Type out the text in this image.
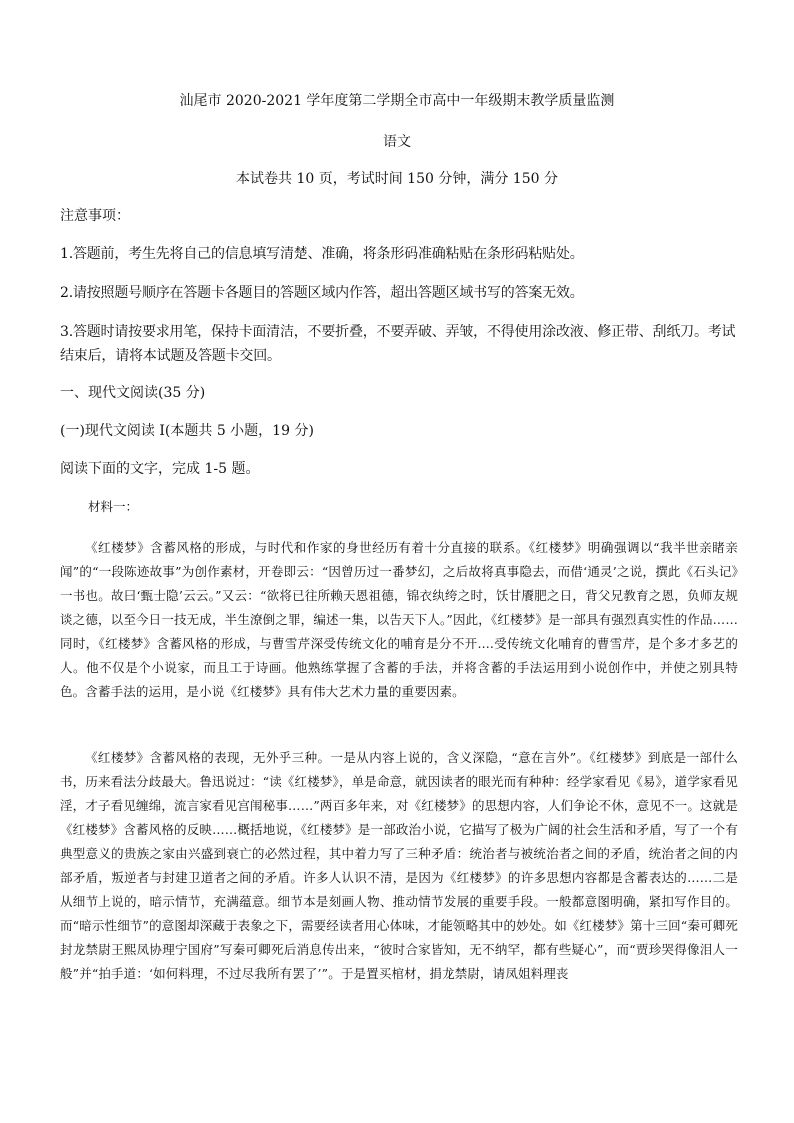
汕尾市 2020-2021 学年度第二学期全市高中一年级期末教学质量监测
语文
本试卷共 10 页，考试时间 150 分钟，满分 150 分
注意事项：
1.答题前，考生先将自己的信息填写清楚、准确，将条形码准确粘贴在条形码粘贴处。
2.请按照题号顺序在答题卡各题目的答题区域内作答，超出答题区域书写的答案无效。
3.答题时请按要求用笔，保持卡面清洁，不要折叠，不要弄破、弄皱，不得使用涂改液、修正带、刮纸刀。考试结束后，请将本试题及答题卡交回。
一、现代文阅读(35 分)
(一)现代文阅读 I(本题共 5 小题，19 分)
阅读下面的文字，完成 1-5 题。
材料一：
《红楼梦》含蓄风格的形成，与时代和作家的身世经历有着十分直接的联系。《红楼梦》明确强调以“我半世亲睹亲闻”的“一段陈迹故事”为创作素材，开卷即云：“因曾历过一番梦幻，之后故将真事隐去，而借‘通灵’之说，撰此《石头记》一书也。故曰‘甄士隐’云云。”又云：“欲将已往所赖天恩祖德，锦衣纨绔之时，饫甘餍肥之日，背父兄教育之恩，负师友规谈之德，以至今日一技无成，半生潦倒之罪，编述一集，以告天下人。”因此，《红楼梦》是一部具有强烈真实性的作品……同时，《红楼梦》含蓄风格的形成，与曹雪芹深受传统文化的哺育是分不开....受传统文化哺育的曹雪芹，是个多才多艺的人。他不仅是个小说家，而且工于诗画。他熟练掌握了含蓄的手法，并将含蓄的手法运用到小说创作中，并使之别具特色。含蓄手法的运用，是小说《红楼梦》具有伟大艺术力量的重要因素。
《红楼梦》含蓄风格的表现，无外乎三种。一是从内容上说的，含义深隐，“意在言外”。《红楼梦》到底是一部什么书，历来看法分歧最大。鲁迅说过：“读《红楼梦》，单是命意，就因读者的眼光而有种种：经学家看见《易》，道学家看见淫，才子看见缠绵，流言家看见宫闱秘事……”两百多年来，对《红楼梦》的思想内容，人们争论不休，意见不一。这就是《红楼梦》含蓄风格的反映……概括地说，《红楼梦》是一部政治小说，它描写了极为广阔的社会生活和矛盾，写了一个有典型意义的贵族之家由兴盛到衰亡的必然过程，其中着力写了三种矛盾：统治者与被统治者之间的矛盾，统治者之间的内部矛盾，叛逆者与封建卫道者之间的矛盾。许多人认识不清，是因为《红楼梦》的许多思想内容都是含蓄表达的……二是从细节上说的，暗示情节，充满蕴意。细节本是刻画人物、推动情节发展的重要手段。一般都意图明确，紧扣写作目的。而“暗示性细节”的意图却深藏于表象之下，需要经读者用心体味，才能领略其中的妙处。如《红楼梦》第十三回“秦可卿死封龙禁尉王熙凤协理宁国府”写秦可卿死后消息传出来，“彼时合家皆知，无不纳罕，都有些疑心”，而“贾珍哭得像泪人一般”并“拍手道：‘如何料理，不过尽我所有罢了’”。于是置买棺材，捐龙禁尉，请凤姐料理丧
